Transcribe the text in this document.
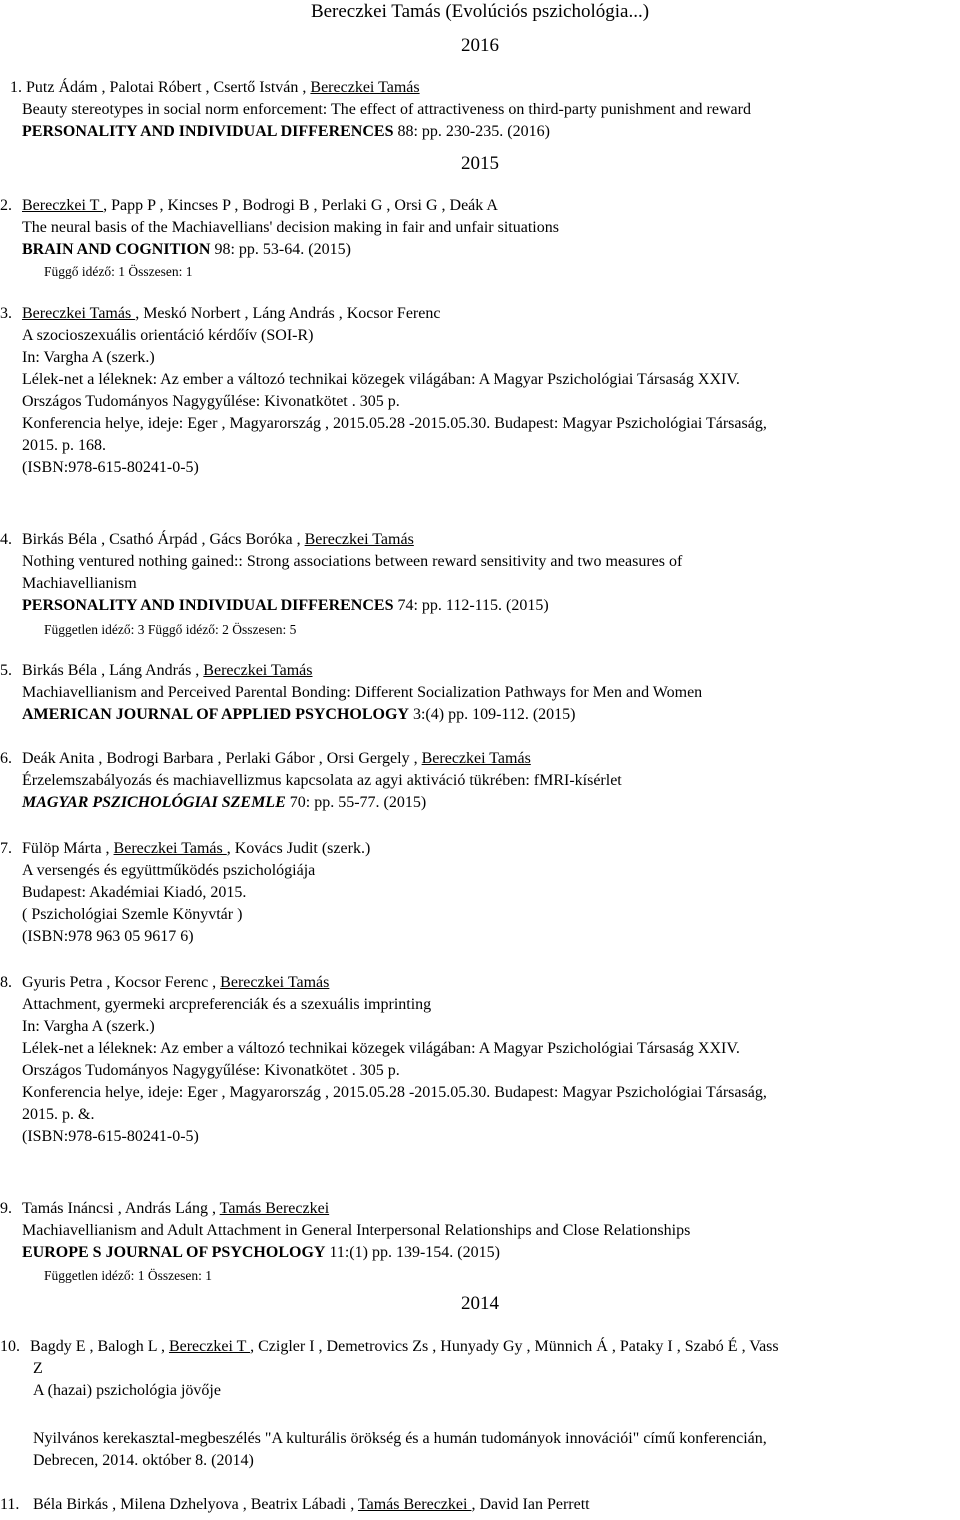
Bereczkei Tamás (Evolúciós pszichológia...)
2016
1. Putz Ádám , Palotai Róbert , Csertő István , Bereczkei Tamás
Beauty stereotypes in social norm enforcement: The effect of attractiveness on third-party punishment and reward
PERSONALITY AND INDIVIDUAL DIFFERENCES 88: pp. 230-235. (2016)
2015
2. Bereczkei T , Papp P , Kincses P , Bodrogi B , Perlaki G , Orsi G , Deák A
The neural basis of the Machiavellians' decision making in fair and unfair situations
BRAIN AND COGNITION 98: pp. 53-64. (2015)
Függő idéző: 1 Összesen: 1
3. Bereczkei Tamás , Meskó Norbert , Láng András , Kocsor Ferenc
A szocioszexuális orientáció kérdőív (SOI-R)
In: Vargha A (szerk.)
Lélek-net a léleknek: Az ember a változó technikai közegek világában: A Magyar Pszichológiai Társaság XXIV.
Országos Tudományos Nagygyűlése: Kivonatkötet . 305 p.
Konferencia helye, ideje: Eger , Magyarország , 2015.05.28 -2015.05.30. Budapest: Magyar Pszichológiai Társaság,
2015. p. 168.
(ISBN:978-615-80241-0-5)
4. Birkás Béla , Csathó Árpád , Gács Boróka , Bereczkei Tamás
Nothing ventured nothing gained:: Strong associations between reward sensitivity and two measures of
Machiavellianism
PERSONALITY AND INDIVIDUAL DIFFERENCES 74: pp. 112-115. (2015)
Független idéző: 3 Függő idéző: 2 Összesen: 5
5. Birkás Béla , Láng András , Bereczkei Tamás
Machiavellianism and Perceived Parental Bonding: Different Socialization Pathways for Men and Women
AMERICAN JOURNAL OF APPLIED PSYCHOLOGY 3:(4) pp. 109-112. (2015)
6. Deák Anita , Bodrogi Barbara , Perlaki Gábor , Orsi Gergely , Bereczkei Tamás
Érzelemszabályozás és machiavellizmus kapcsolata az agyi aktiváció tükrében: fMRI-kísérlet
MAGYAR PSZICHOLÓGIAI SZEMLE 70: pp. 55-77. (2015)
7. Fülöp Márta , Bereczkei Tamás , Kovács Judit (szerk.)
A versengés és együttműködés pszichológiája
Budapest: Akadémiai Kiadó, 2015.
( Pszichológiai Szemle Könyvtár )
(ISBN:978 963 05 9617 6)
8. Gyuris Petra , Kocsor Ferenc , Bereczkei Tamás
Attachment, gyermeki arcpreferenciák és a szexuális imprinting
In: Vargha A (szerk.)
Lélek-net a léleknek: Az ember a változó technikai közegek világában: A Magyar Pszichológiai Társaság XXIV.
Országos Tudományos Nagygyűlése: Kivonatkötet . 305 p.
Konferencia helye, ideje: Eger , Magyarország , 2015.05.28 -2015.05.30. Budapest: Magyar Pszichológiai Társaság,
2015. p. &.
(ISBN:978-615-80241-0-5)
9. Tamás Ináncsi , András Láng , Tamás Bereczkei
Machiavellianism and Adult Attachment in General Interpersonal Relationships and Close Relationships
EUROPE S JOURNAL OF PSYCHOLOGY 11:(1) pp. 139-154. (2015)
Független idéző: 1 Összesen: 1
2014
10. Bagdy E , Balogh L , Bereczkei T , Czigler I , Demetrovics Zs , Hunyady Gy , Münnich Á , Pataky I , Szabó É , Vass
Z
A (hazai) pszichológia jövője
Nyilvános kerekasztal-megbeszélés "A kulturális örökség és a humán tudományok innovációi" című konferencián,
Debrecen, 2014. október 8. (2014)
11. Béla Birkás , Milena Dzhelyova , Beatrix Lábadi , Tamás Bereczkei , David Ian Perrett
